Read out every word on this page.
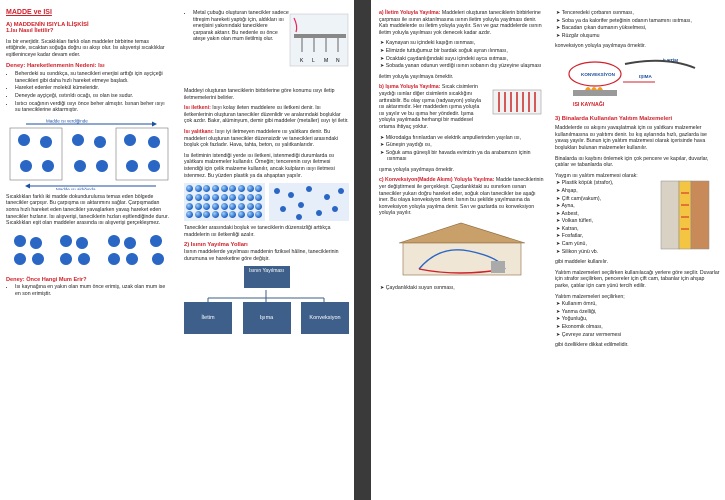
MADDE ve ISI
A) MADDENİN ISIYLA İLİŞKİSİ
1.Isı Nasıl İletilir?

Isı bir enerjidir. Sıcaklıkları farklı olan maddeler birbirine temas ettiğinde, sıcaktan soğuğa doğru ısı akışı olur. Isı alışverişi sıcaklıklar eşitleninceye kadar devam eder.

Deney: Hareketlenmenin Nedeni: Isı
• Beherdeki su ısındıkça, su tanecikleri enerjisi arttığı için ayçiçeği tanecikleri gibi daha hızlı hareket etmeye başladı.
• Hareket edenler molekül kümeleridir.
• Deneyde ayçiçeği, ısıtırıldı ocağı, ısı olan ise sudur.
• Isıtıcı ocağının verdiği ısıyı önce beher almıştır. Isınan beher ısıyı su taneciklerine aktarmıştır.
Madde ısı verdiğinde
Madde ısı aldığında

Sıcaklıkları farklı iki madde dokundurulursa temas eden bölgede tanecikler çarpışır. Bu çarpışma ısı aktarımını sağlar. Çarpışmadan sonra hızlı hareket eden tanecikler yavaşlarken yavaş hareket eden tanecikler hızlanır. Isı alışverişi, taneciklerin hızları eşitlendiğinde durur. Sıcaklıkları eşit olan maddeler arasında ısı alışverişi gerçekleşmez.

Deney: Önce Hangi Mum Erir?
• Isı kaynağına en yakın olan mum önce erimiş, uzak olan mum ise en son erimiştir.
• Metal çubuğu oluşturan tanecikler sadece titreşim hareketi yaptığı için, aldıkları ısı enerjisini yakınındaki taneciklere çarparak aktarır. Bu nedenle ısı önce ateşe yakın olan mum iletilmiş olur.
K L M N

Maddeyi oluşturan taneciklerin birbirlerine göre konumu ısıyı iletip iletmemelerini belirler.

Isı iletkeni: Isıyı kolay ileten maddelere ısı iletkeni denir. Isı iletkenlerinin oluşturan tanecikler düzenlidir ve aralarındaki boşluklar çok azdır. Bakır, alüminyum, demir gibi maddeler (metaller) ısıyı iyi iletir.

Isı yalıtkanı: Isıyı iyi iletmeyen maddelere ısı yalıtkanı denir. Bu maddeleri oluşturan tanecikler düzensizdir ve tanecikleri arasındaki boşluk çok fazladır. Hava, tahta, beton, ısı yalıtkanlarıdır.

Isı iletiminin istendiği yerde ısı iletkeni, istenmediği durumlarda ısı yalıtkanı malzemeler kullanılır. Örneğin; tencerenin ısıyı iletmesi istendiği için çelik malzeme kullanılır, ancak kulpların ısıyı iletmesi istenmez. Bu yüzden plastik ya da ahşaptan yapılır.

Tanecikler arasındaki boşluk ve taneciklerin düzensizliği arttıkça maddelerin ısı iletkenliği azalır.

2) Isının Yayılma Yolları

Isının maddelerde yayılması maddenin fiziksel hâline, taneciklerinin durumuna ve hareketine göre değişir.

Isının Yayılması
İletim	Işıma	Konveksiyon

a) İletim Yoluyla Yayılma: Maddeleri oluşturan taneciklerin birbirlerine çarpması ile ısının aktarılmasına ısının iletim yoluyla yayılması denir. Katı maddelerde ısı iletim yoluyla yayılır. Sıvı ve gaz maddelerde ısının iletim yoluyla yayılması yok denecek kadar azdır.

➤ Kaynayan su içindeki kaşığın ısınması,
➤ Elimizde tuttuğumuz bir bardak soğuk ayran ılınması,
➤ Ocaktaki çaydanlığındaki suyu içindeki ayca ısıtması,
➤ Sobada yanan odunun verdiği ısının sobanın dış yüzeyine ulaşması

iletim yoluyla yayılmaya örnektir.

b) Işıma Yoluyla Yayılma: Sıcak cisimlerin yaydığı ısınlar diğer cisimlerin sıcaklığını arttırabilir. Bu olay ışıma (radyasyon) yoluyla ısı aktarımıdır. Her maddeden ışıma yoluyla ısı yayılır ve bu ışıma her yöndedir. Işıma yoluyla yayılmada herhangi bir maddesel ortama ihtiyaç yoktur.

➤ Mikrodalga fırınlardan ve elektrik ampullerinden yayılan ısı,
➤ Güneşin yaydığı ısı,
➤ Soğuk ama güneşli bir havada evimizin ya da arabamızın içinin ısınması

ışıma yoluyla yayılmaya örnektir.

c) Konveksiyon(Madde Akımı) Yoluyla Yayılma: Madde taneciklerinin yer değiştirmesi ile gerçekleşir. Çaydanlıktaki su ısınırken ısınan tanecikler yukarı doğru hareket eder, soğuk olan tanecikler ise aşağı iner. Bu olaya konveksiyon denir. Isının bu şekilde yayılmasına da konveksiyon yoluyla yayılma denir. Sıvı ve gazlarda ısı konveksiyon yoluyla yayılır.

➤ Çaydanlıktaki suyun ısınması,
➤ Tenceredeki çorbanın ısınması,
➤ Soba ya da kalorifer peteğinin odanın tamamını ısıtması,
➤ Bacadan çıkan dumanın yükselmesi,
➤ Rüzgâr oluşumu

konveksiyon yoluyla yayılmaya örnektir.

KONVEKSİYON	IŞIMA
İLETİM
ISI KAYNAĞI
3) Binalarda Kullanılan Yalıtım Malzemeleri

Maddelerde ısı akışını yavaşlatmak için ısı yalıtkanı malzemeler kullanılmasına ısı yalıtımı denir. Isı kış aylarında hızlı, gazlarda ise yavaş yayılır. Bunun için yalıtım malzemesi olarak içerisinde hava boşlukları bulunan malzemeler kullanılır.

Binalarda ısı kaybını önlemek için çok pencere ve kapılar, duvarlar, çatılar ve tabanlarda olur.

Yaygın ısı yalıtım malzemesi olarak:

➤ Plastik köpük (strafor),
➤ Ahşap,
➤ Çift cam(vakum),
➤ Ayna,
➤ Asbest,
➤ Volkan tüfleri,
➤ Katran,
➤ Fosfatlar,
➤ Cam yünü,
➤ Silikon yünü vb.

gibi maddeler kullanılır.

Yalıtım malzemeleri seçilirken kullanılacağı yerlere göre seçilir. Duvarlar için strafor seçilirken, pencereler için çift cam, tabanlar için ahşap parke, çatılar için cam yünü tercih edilir.

Yalıtım malzemeleri seçilirken;

➤ Kullanım ömrü,
➤ Yanma özelliği,
➤ Yoğunluğu,
➤ Ekonomik olması,
➤ Çevreye zarar vermemesi

gibi özelliklere dikkat edilmelidir.
